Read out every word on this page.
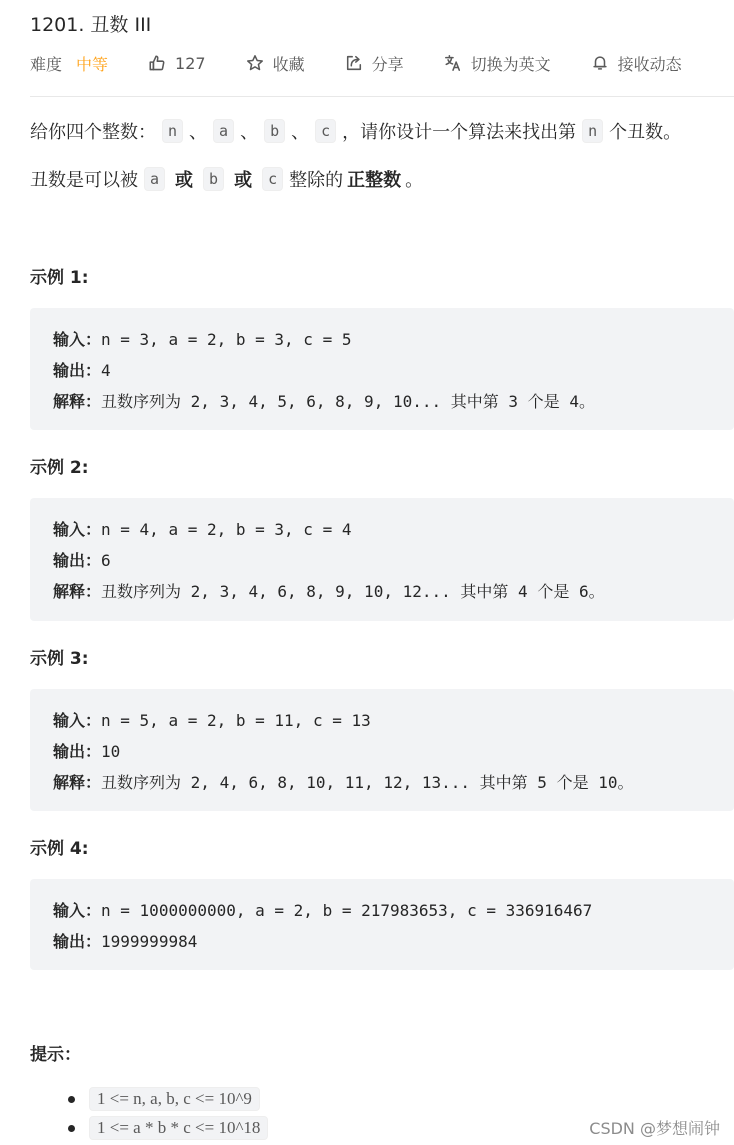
1201. 丑数 III
难度 中等	127	收藏	分享	切换为英文	接收动态
给你四个整数： n 、 a 、 b 、 c ，请你设计一个算法来找出第 n 个丑数。
丑数是可以被 a 或	b 或	c 整除的 正整数 。
示例 1:
输入：n = 3, a = 2, b = 3, c = 5
输出：4
解释：丑数序列为 2, 3, 4, 5, 6, 8, 9, 10... 其中第 3 个是 4。
示例 2:
输入：n = 4, a = 2, b = 3, c = 4
输出：6
解释：丑数序列为 2, 3, 4, 6, 8, 9, 10, 12... 其中第 4 个是 6。
示例 3:
输入：n = 5, a = 2, b = 11, c = 13
输出：10
解释：丑数序列为 2, 4, 6, 8, 10, 11, 12, 13... 其中第 5 个是 10。
示例 4:
输入：n = 1000000000, a = 2, b = 217983653, c = 336916467
输出：1999999984
提示：
1 <= n, a, b, c <= 10^9
1 <= a * b * c <= 10^18	CSDN @梦想闹钟
